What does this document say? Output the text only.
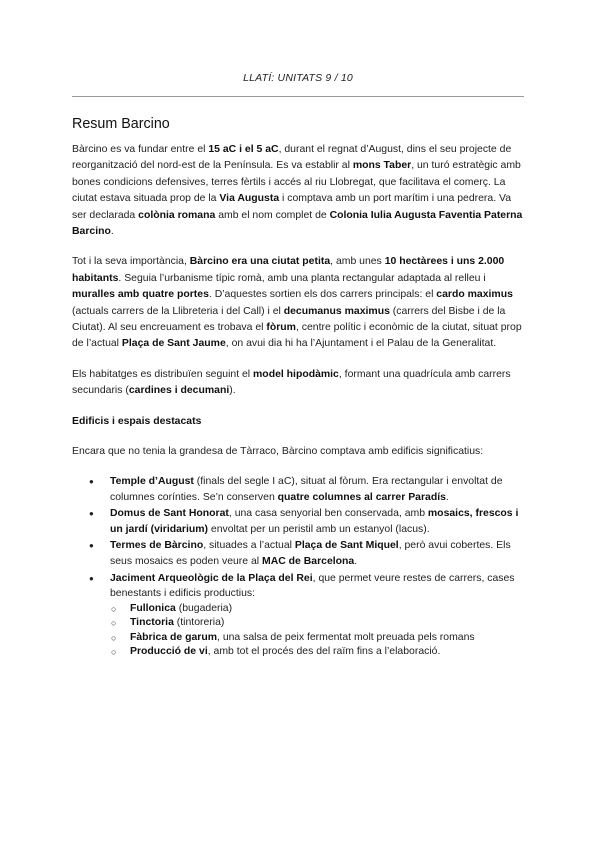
LLATÍ: UNITATS 9 / 10
Resum Barcino

Bàrcino es va fundar entre el 15 aC i el 5 aC, durant el regnat d’August, dins el seu projecte de reorganització del nord-est de la Península. Es va establir al mons Taber, un turó estratègic amb bones condicions defensives, terres fèrtils i accés al riu Llobregat, que facilitava el comerç. La ciutat estava situada prop de la Via Augusta i comptava amb un port marítim i una pedrera. Va ser declarada colònia romana amb el nom complet de Colonia Iulia Augusta Faventia Paterna Barcino.

Tot i la seva importància, Bàrcino era una ciutat petita, amb unes 10 hectàrees i uns 2.000 habitants. Seguia l’urbanisme típic romà, amb una planta rectangular adaptada al relleu i muralles amb quatre portes. D’aquestes sortien els dos carrers principals: el cardo maximus (actuals carrers de la Llibreteria i del Call) i el decumanus maximus (carrers del Bisbe i de la Ciutat). Al seu encreuament es trobava el fòrum, centre polític i econòmic de la ciutat, situat prop de l’actual Plaça de Sant Jaume, on avui dia hi ha l’Ajuntament i el Palau de la Generalitat.

Els habitatges es distribuïen seguint el model hipodàmic, formant una quadrícula amb carrers secundaris (cardines i decumani).

Edificis i espais destacats

Encara que no tenia la grandesa de Tàrraco, Bàrcino comptava amb edificis significatius:

● Temple d’August (finals del segle I aC), situat al fòrum. Era rectangular i envoltat de columnes corínties. Se’n conserven quatre columnes al carrer Paradís.
● Domus de Sant Honorat, una casa senyorial ben conservada, amb mosaics, frescos i un jardí (viridarium) envoltat per un peristil amb un estanyol (lacus).
● Termes de Bàrcino, situades a l’actual Plaça de Sant Miquel, però avui cobertes. Els seus mosaics es poden veure al MAC de Barcelona.
● Jaciment Arqueològic de la Plaça del Rei, que permet veure restes de carrers, cases benestants i edificis productius:
○ Fullonica (bugaderia)
○ Tinctoria (tintoreria)
○ Fàbrica de garum, una salsa de peix fermentat molt preuada pels romans
○ Producció de vi, amb tot el procés des del raïm fins a l’elaboració.
